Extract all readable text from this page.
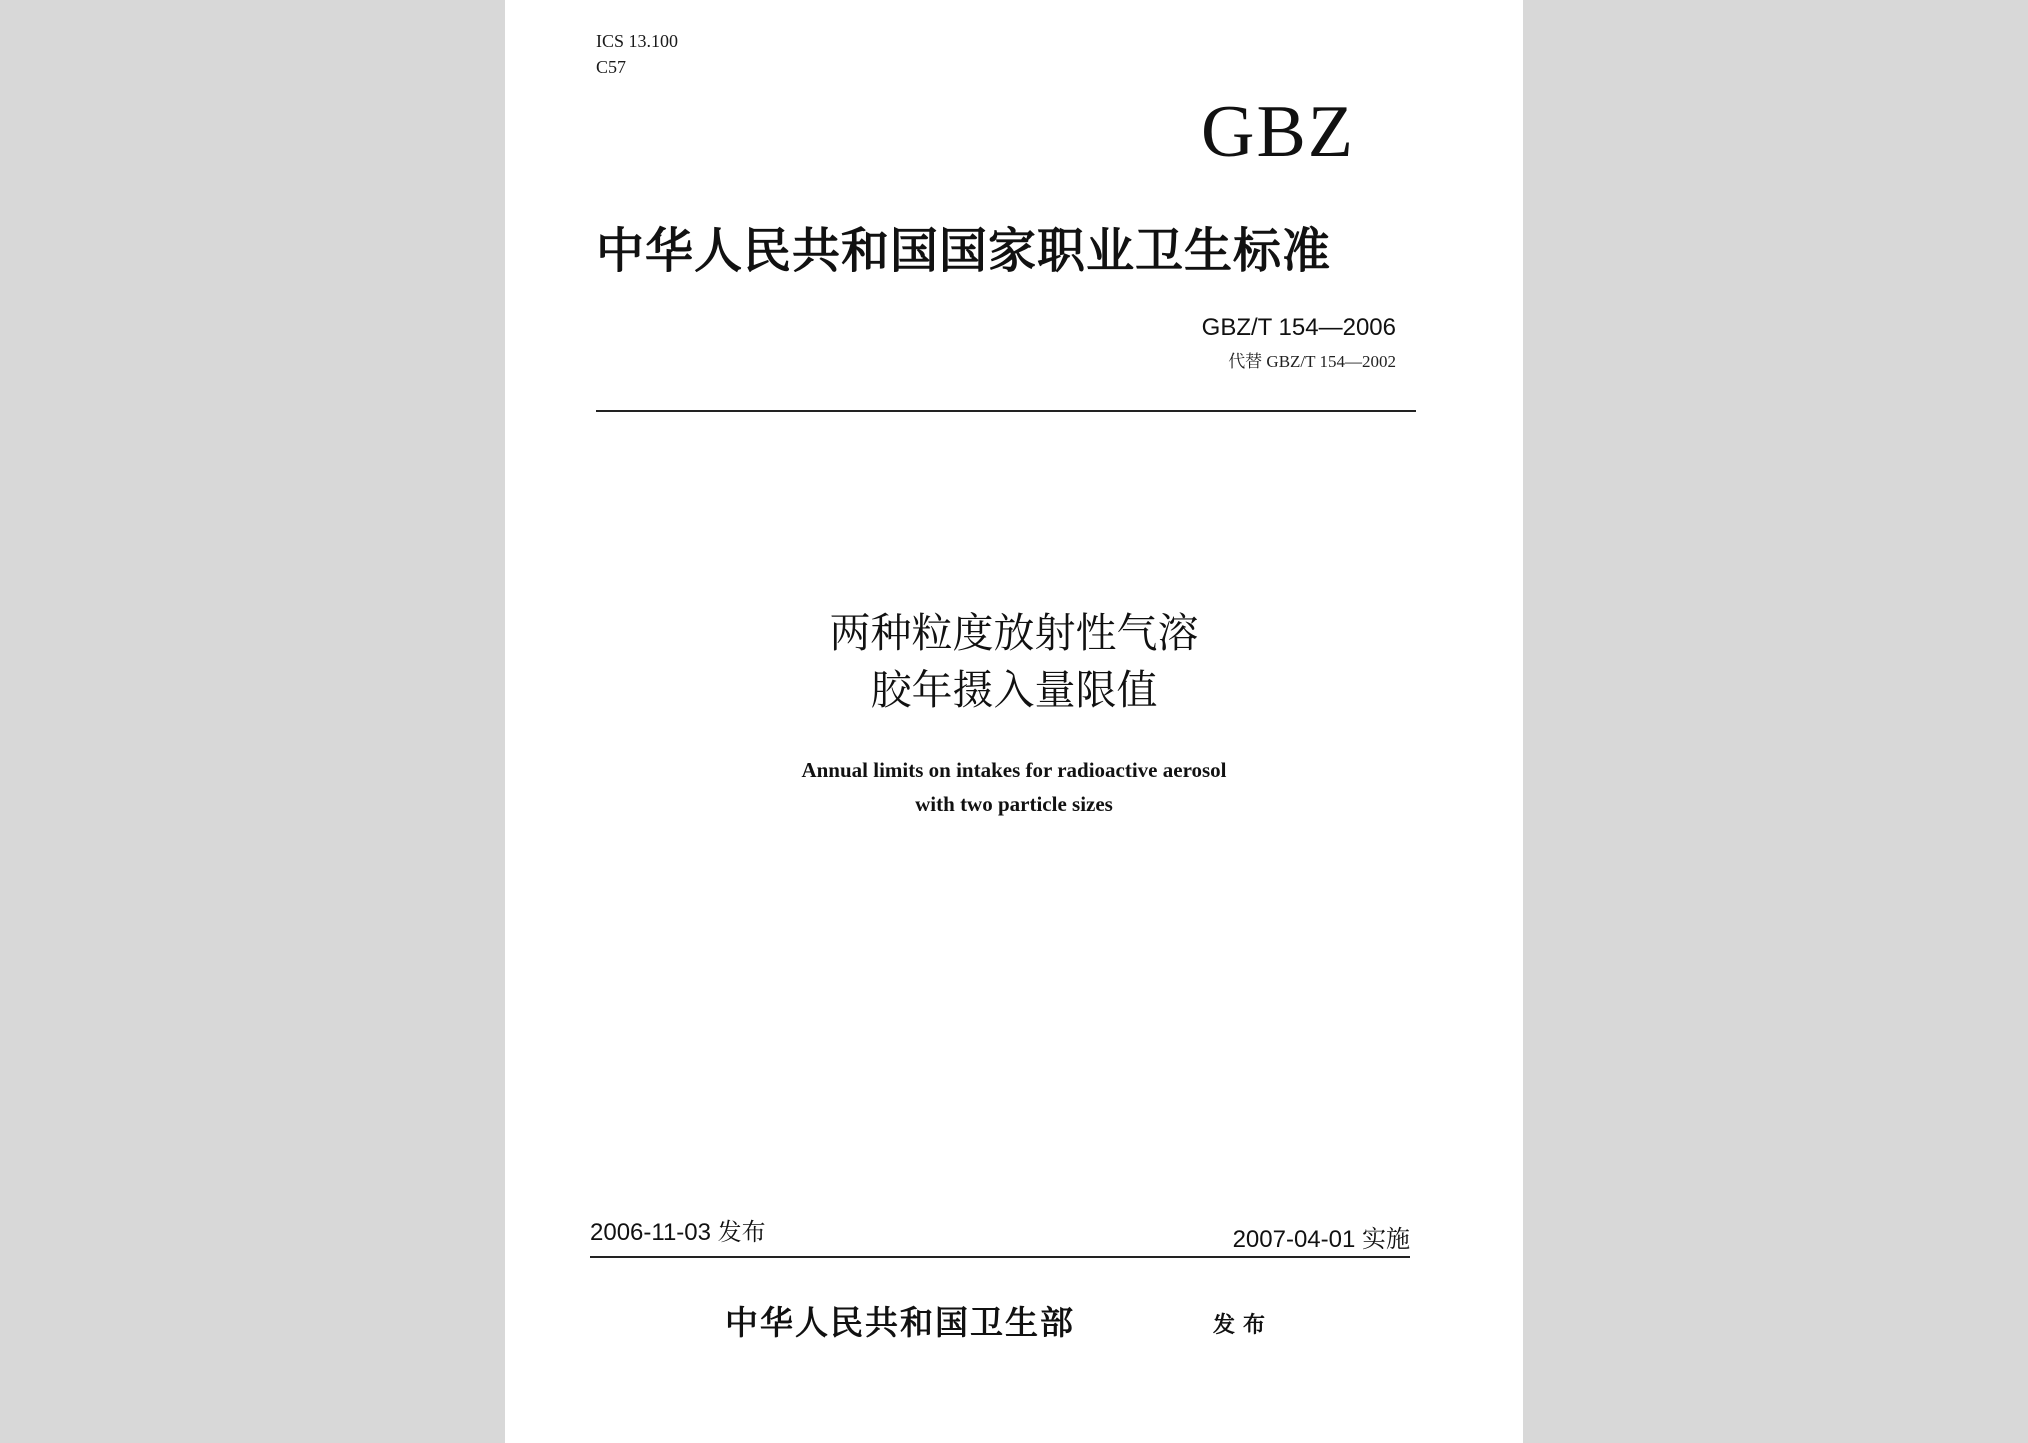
ICS 13.100
C57
GBZ
中华人民共和国国家职业卫生标准
GBZ/T 154—2006
代替 GBZ/T 154—2002
两种粒度放射性气溶
胶年摄入量限值
Annual limits on intakes for radioactive aerosol
with two particle sizes
2006-11-03 发布	2007-04-01 实施
中华人民共和国卫生部	发布
